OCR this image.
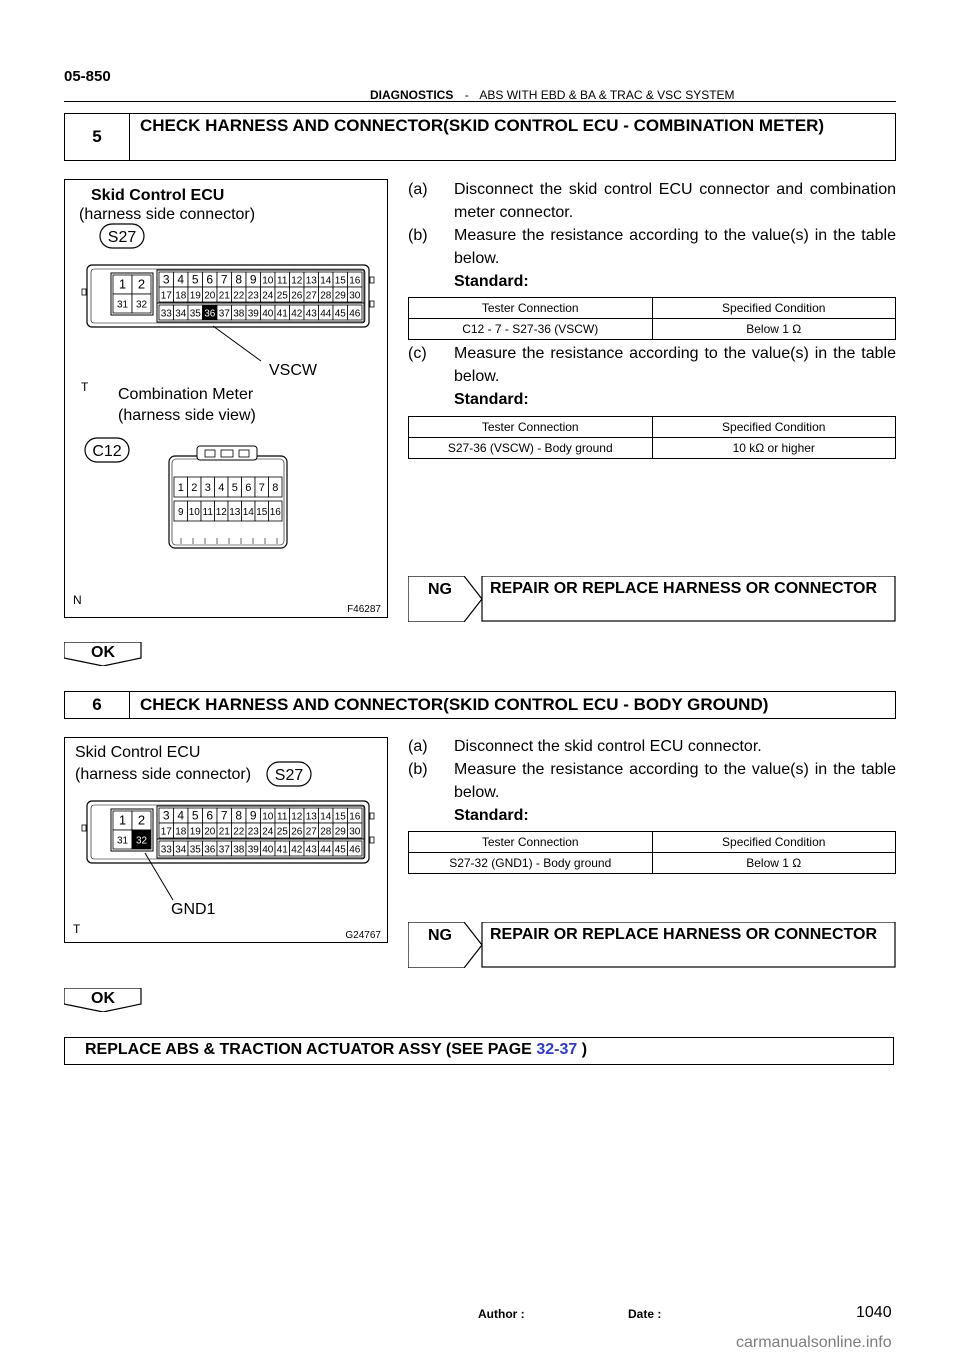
05-850
DIAGNOSTICS - ABS WITH EBD & BA & TRAC & VSC SYSTEM
5
CHECK HARNESS AND CONNECTOR(SKID CONTROL ECU - COMBINATION METER)
Skid Control ECU
(harness side connector)
S27
1 2
31 32
3 4 5 6 7 8 9 10 11 12 13 14 15 16
17 18 19 20 21 22 23 24 25 26 27 28 29 30
33 34 35 36 37 38 39 40 41 42 43 44 45 46
VSCW
T Combination Meter
(harness side view)
C12
1 2 3 4 5 6 7 8
9 10 11 12 13 14 15 16
N
F46287
(a)	Disconnect the skid control ECU connector and combination meter connector.
(b)	Measure the resistance according to the value(s) in the table below.
Standard:
Tester Connection	Specified Condition
C12 - 7 - S27-36 (VSCW)	Below 1 Ω
(c)	Measure the resistance according to the value(s) in the table below.
Standard:
Tester Connection	Specified Condition
S27-36 (VSCW) - Body ground	10 kΩ or higher
NG REPAIR OR REPLACE HARNESS OR CONNECTOR
OK
6	CHECK HARNESS AND CONNECTOR(SKID CONTROL ECU - BODY GROUND)
Skid Control ECU
(harness side connector) S27
1 2
31 32
3 4 5 6 7 8 9 10 11 12 13 14 15 16
17 18 19 20 21 22 23 24 25 26 27 28 29 30
33 34 35 36 37 38 39 40 41 42 43 44 45 46
GND1
T	G24767
(a)	Disconnect the skid control ECU connector.
(b)	Measure the resistance according to the value(s) in the table below.
Standard:
Tester Connection	Specified Condition
S27-32 (GND1) - Body ground	Below 1 Ω
NG REPAIR OR REPLACE HARNESS OR CONNECTOR
OK
REPLACE ABS & TRACTION ACTUATOR ASSY (SEE PAGE 32-37 )
Author :	Date :	1040
carmanualsonline.info
